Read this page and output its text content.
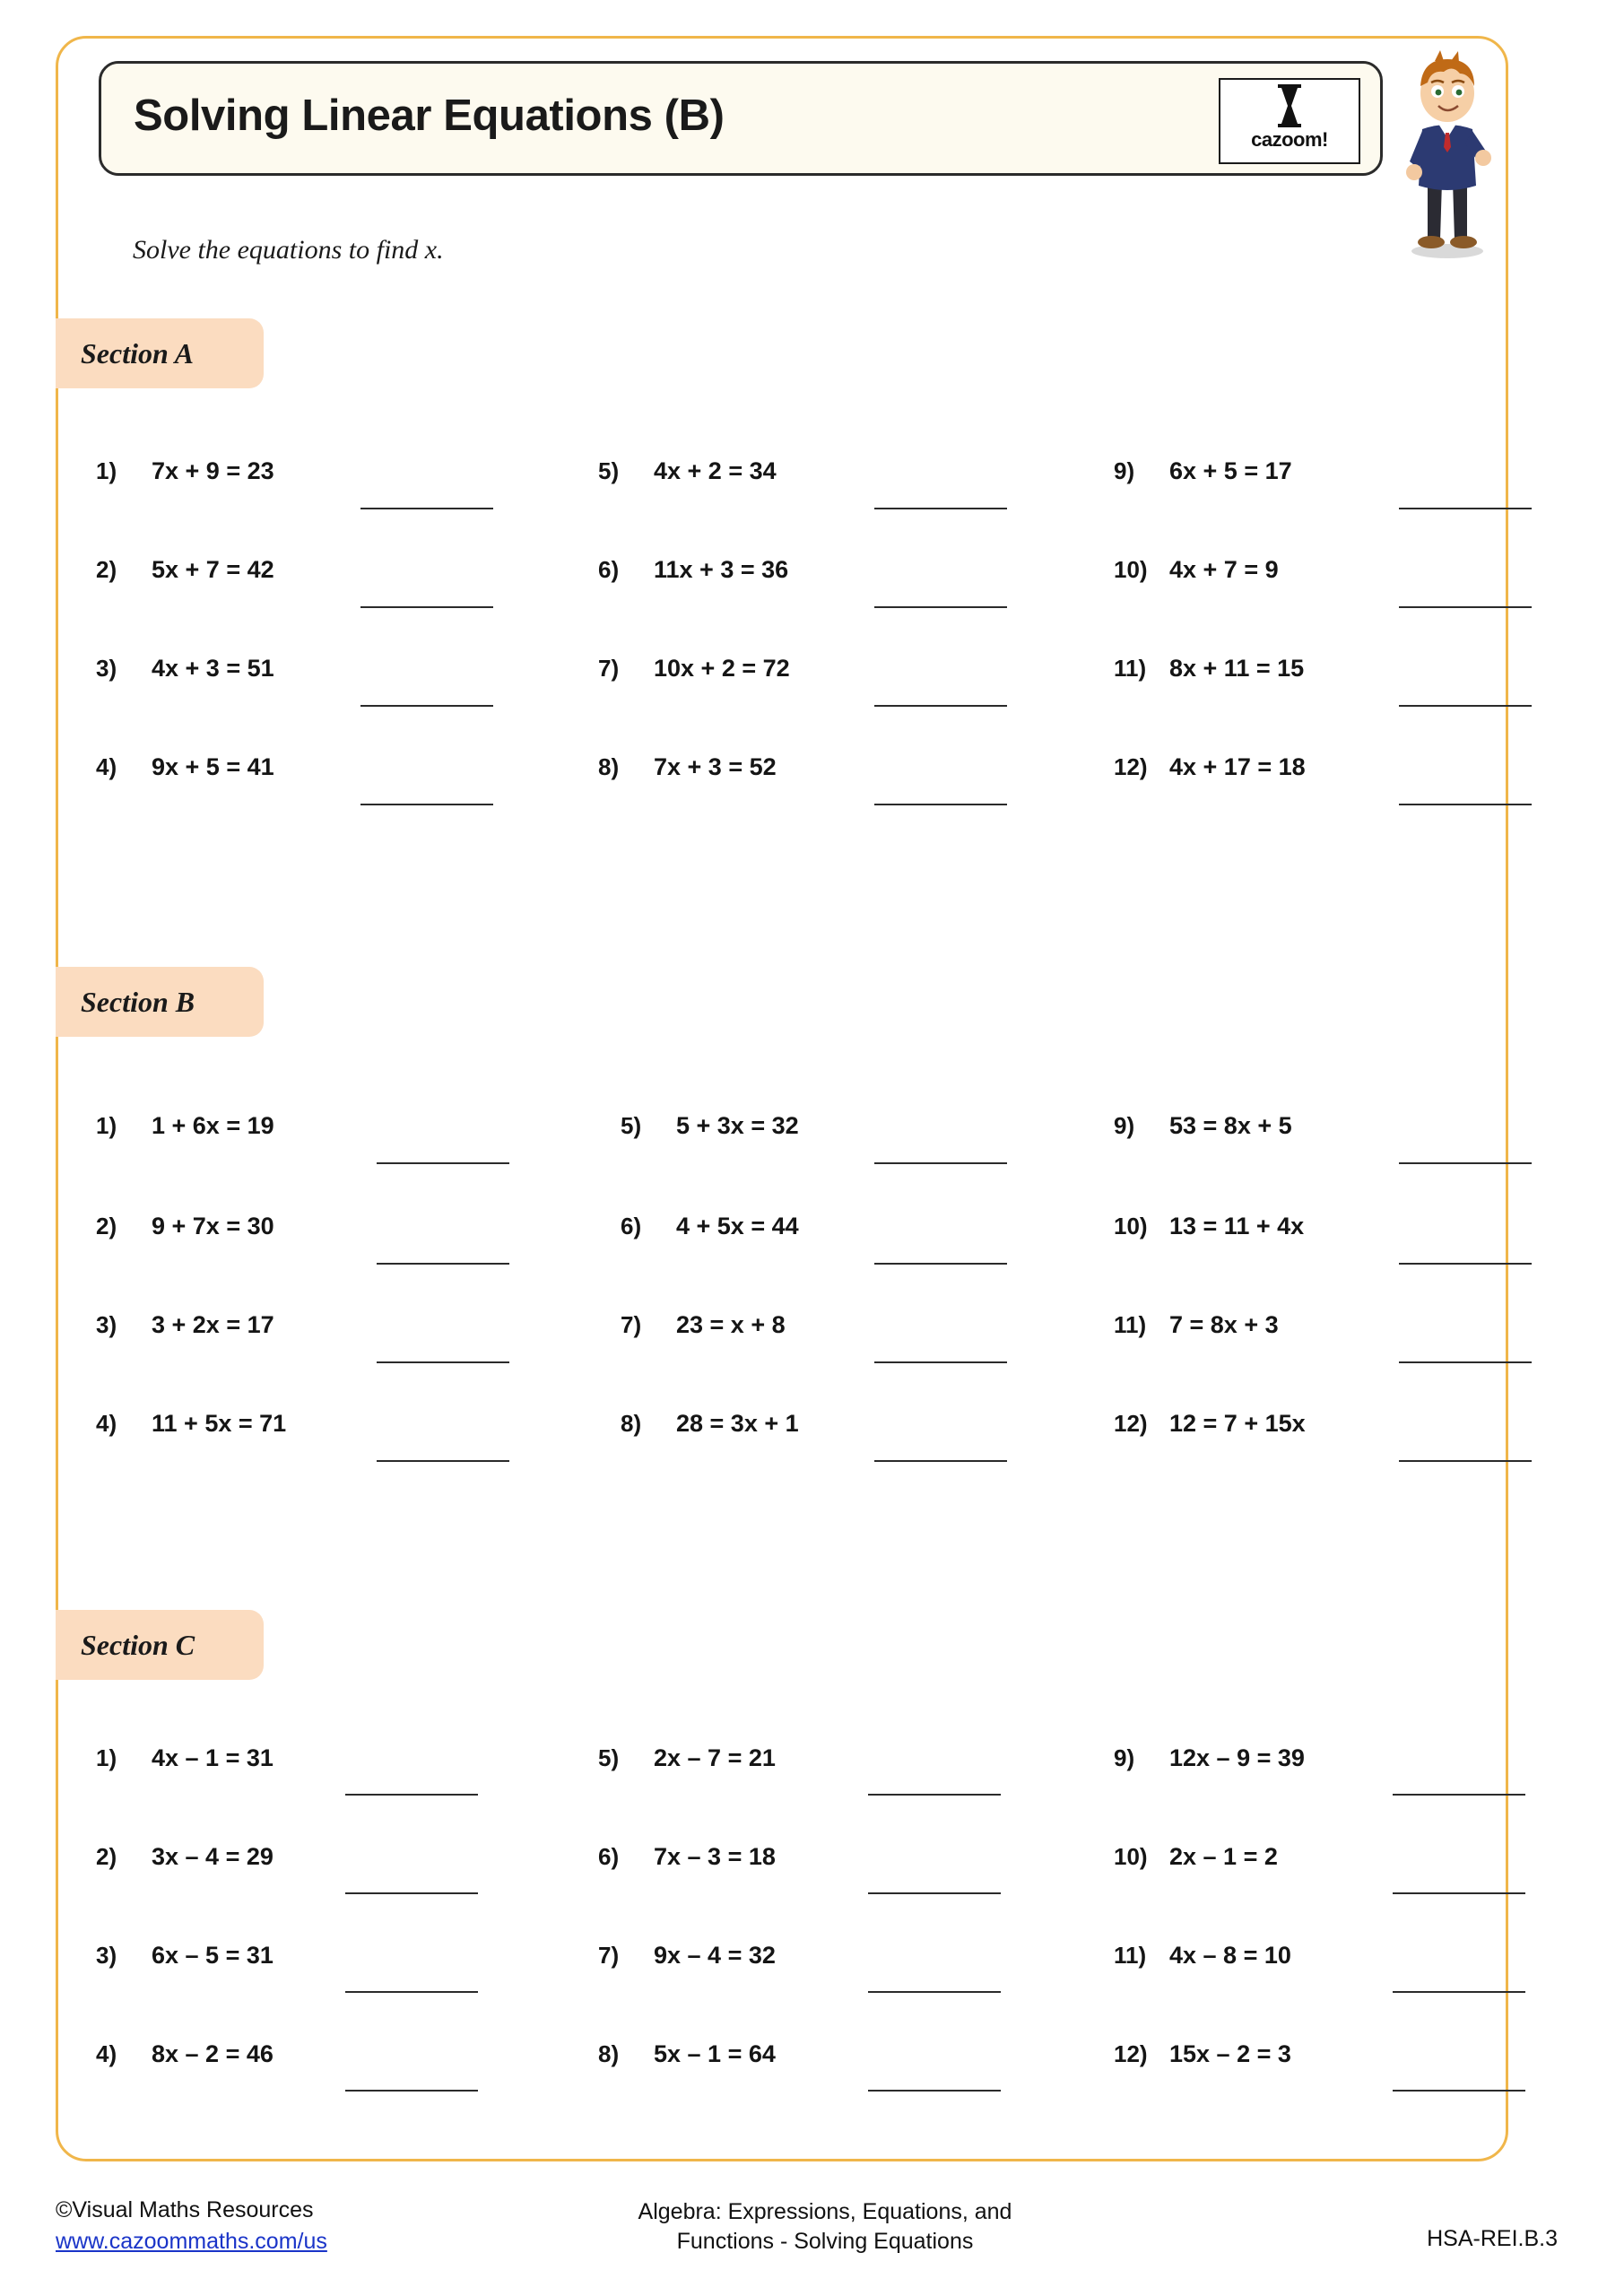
Solving Linear Equations (B)	cazoom!
Solve the equations to find x.
Section A
1)	7x + 9 = 23
2)	5x + 7 = 42
3)	4x + 3 = 51
4)	9x + 5 = 41
5)	4x + 2 = 34
6)	11x + 3 = 36
7)	10x + 2 = 72
8)	7x + 3 = 52
9)	6x + 5 = 17
10) 4x + 7 = 9
11) 8x + 11 = 15
12) 4x + 17 = 18
Section B
1)	1 + 6x = 19
2)	9 + 7x = 30
3)	3 + 2x = 17
4)	11 + 5x = 71
5)	5 + 3x = 32
6)	4 + 5x = 44
7)	23 = x + 8
8)	28 = 3x + 1
9)	53 = 8x + 5
10) 13 = 11 + 4x
11) 7 = 8x + 3
12) 12 = 7 + 15x
Section C
1)	4x – 1 = 31
2)	3x – 4 = 29
3)	6x – 5 = 31
4)	8x – 2 = 46
5)	2x – 7 = 21
6)	7x – 3 = 18
7)	9x – 4 = 32
8)	5x – 1 = 64
9)	12x – 9 = 39
10) 2x – 1 = 2
11) 4x – 8 = 10
12) 15x – 2 = 3
©Visual Maths Resources
www.cazoommaths.com/us
Algebra: Expressions, Equations, and
Functions - Solving Equations	HSA-REI.B.3
